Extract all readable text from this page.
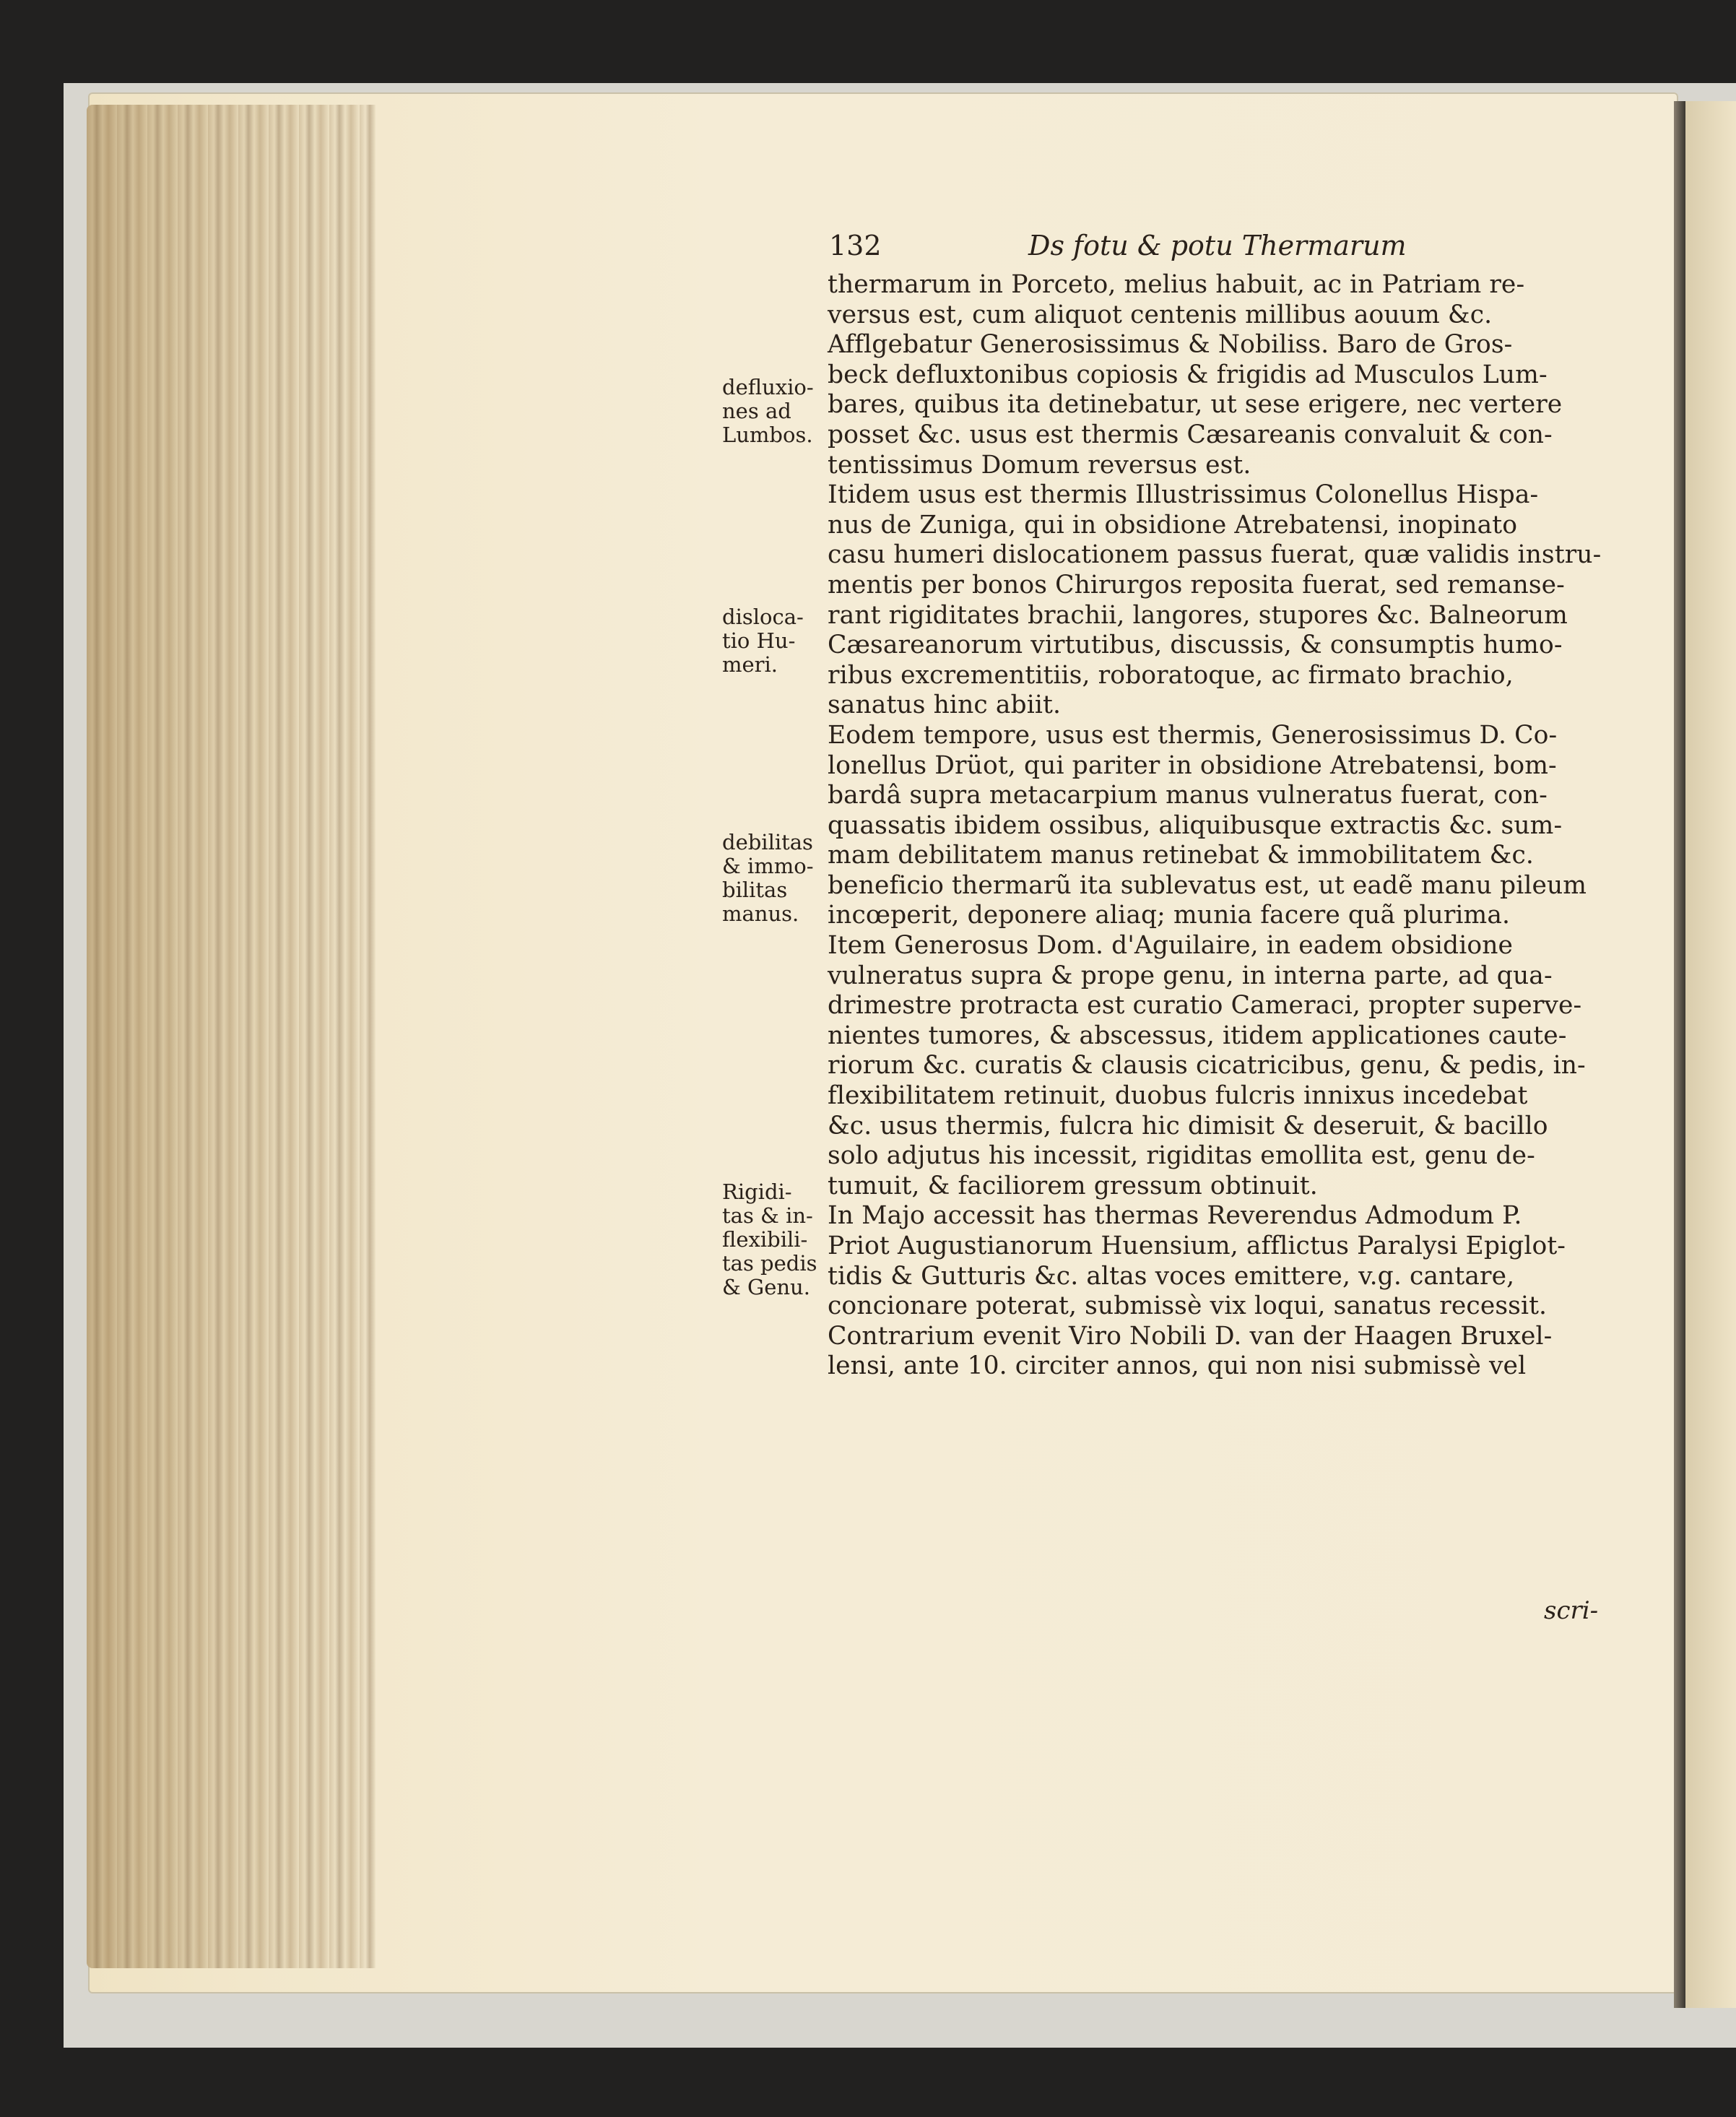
132	Ds fotu & potu Thermarum
thermarum in Porceto, melius habuit, ac in Patriam re-
versus est, cum aliquot centenis millibus aouum &c.
Afflgebatur Generosissimus & Nobiliss. Baro de Gros-
beck defluxtonibus copiosis & frigidis ad Musculos Lum-
bares, quibus ita detinebatur, ut sese erigere, nec vertere
posset &c. usus est thermis Cæsareanis convaluit & con-
tentissimus Domum reversus est.
Itidem usus est thermis Illustrissimus Colonellus Hispa-
nus de Zuniga, qui in obsidione Atrebatensi, inopinato
casu humeri dislocationem passus fuerat, quæ validis instru-
mentis per bonos Chirurgos reposita fuerat, sed remanse-
rant rigiditates brachii, langores, stupores &c. Balneorum
Cæsareanorum virtutibus, discussis, & consumptis humo-
ribus excrementitiis, roboratoque, ac firmato brachio,
sanatus hinc abiit.
Eodem tempore, usus est thermis, Generosissimus D. Co-
lonellus Drüot, qui pariter in obsidione Atrebatensi, bom-
bardâ supra metacarpium manus vulneratus fuerat, con-
quassatis ibidem ossibus, aliquibusque extractis &c. sum-
mam debilitatem manus retinebat & immobilitatem &c.
beneficio thermarũ ita sublevatus est, ut eadẽ manu pileum
incœperit, deponere aliaq; munia facere quã plurima.
Item Generosus Dom. d'Aguilaire, in eadem obsidione
vulneratus supra & prope genu, in interna parte, ad qua-
drimestre protracta est curatio Cameraci, propter superve-
nientes tumores, & abscessus, itidem applicationes caute-
riorum &c. curatis & clausis cicatricibus, genu, & pedis, in-
flexibilitatem retinuit, duobus fulcris innixus incedebat
&c. usus thermis, fulcra hic dimisit & deseruit, & bacillo
solo adjutus his incessit, rigiditas emollita est, genu de-
tumuit, & faciliorem gressum obtinuit.
In Majo accessit has thermas Reverendus Admodum P.
Priot Augustianorum Huensium, afflictus Paralysi Epiglot-
tidis & Gutturis &c. altas voces emittere, v.g. cantare,
concionare poterat, submissè vix loqui, sanatus recessit.
Contrarium evenit Viro Nobili D. van der Haagen Bruxel-
lensi, ante 10. circiter annos, qui non nisi submissè vel
defluxio-
nes ad
Lumbos.
disloca-
tio Hu-
meri.
debilitas
& immo-
bilitas
manus.
Rigidi-
tas & in-
flexibili-
tas pedis
& Genu.
scri-
